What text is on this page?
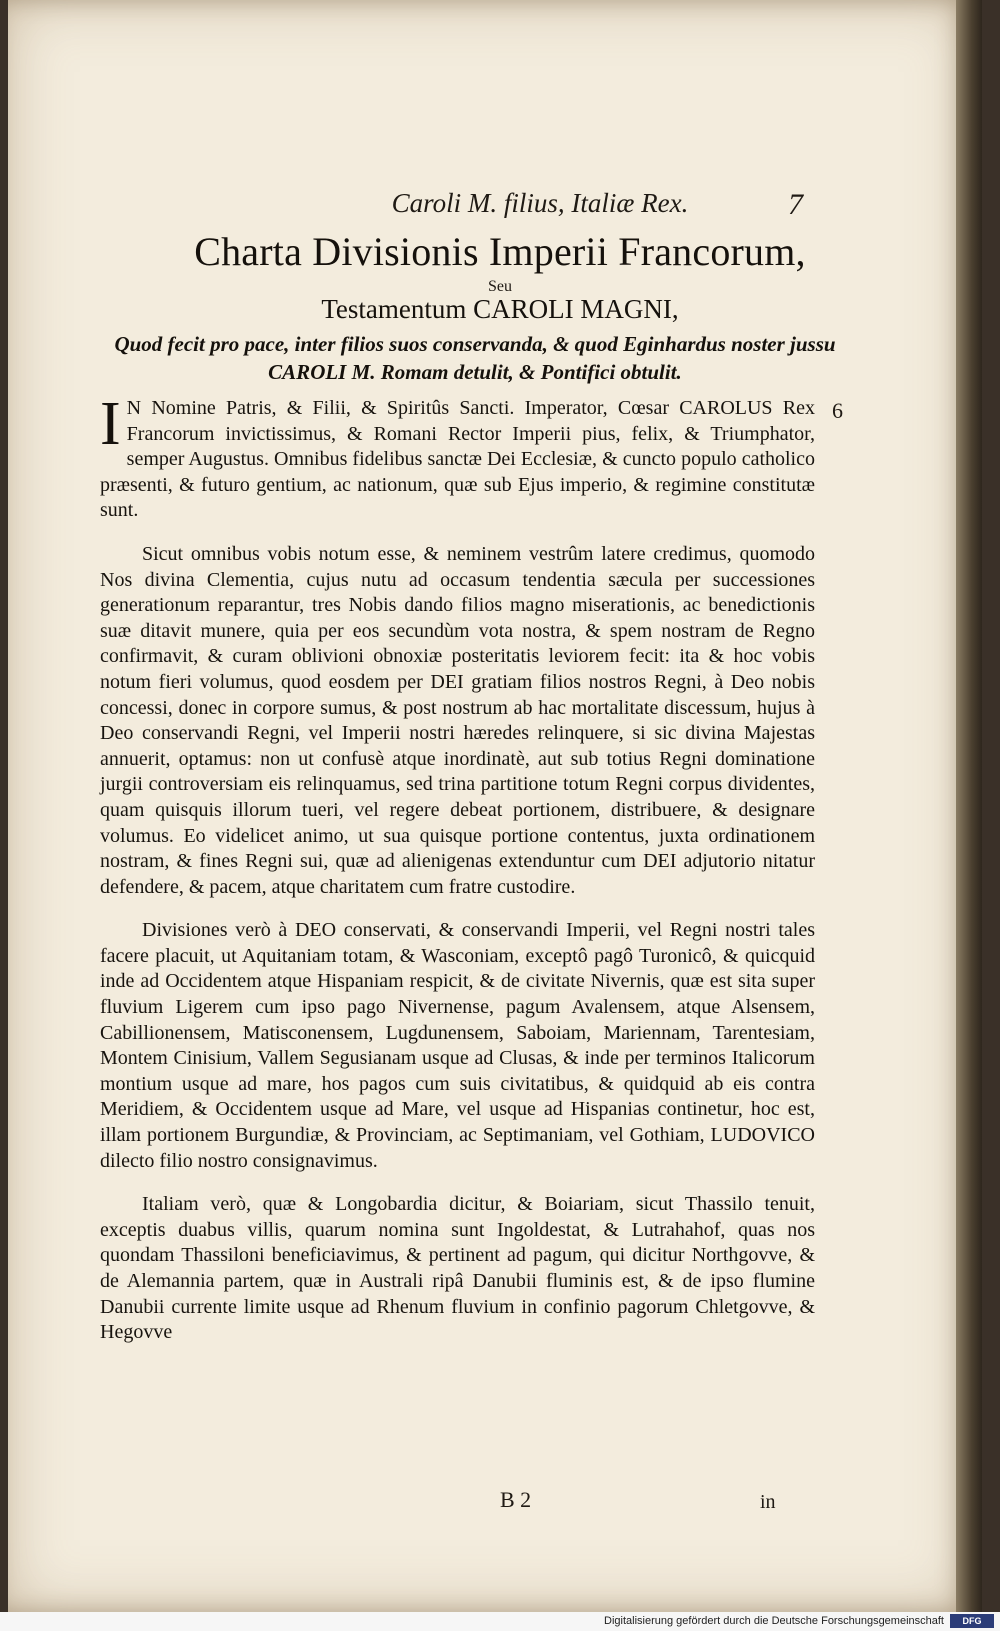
Caroli M. filius, Italiæ Rex.	7
Charta Divisionis Imperii Francorum,
Seu
Testamentum CAROLI MAGNI,
Quod fecit pro pace, inter filios suos conservanda, & quod Eginhardus noster jussu CAROLI M. Romam detulit, & Pontifici obtulit.
6

I N Nomine Patris, & Filii, & Spiritûs Sancti. Imperator, Cœsar CAROLUS Rex Francorum invictissimus, & Romani Rector Imperii pius, felix, & Triumphator, semper Augustus. Omnibus fidelibus sanctæ Dei Ecclesiæ, & cuncto populo catholico præsenti, & futuro gentium, ac nationum, quæ sub Ejus imperio, & regimine constitutæ sunt.

Sicut omnibus vobis notum esse, & neminem vestrûm latere credimus, quomodo Nos divina Clementia, cujus nutu ad occasum tendentia sæcula per successiones generationum reparantur, tres Nobis dando filios magno miserationis, ac benedictionis suæ ditavit munere, quia per eos secundùm vota nostra, & spem nostram de Regno confirmavit, & curam oblivioni obnoxiæ posteritatis leviorem fecit: ita & hoc vobis notum fieri volumus, quod eosdem per DEI gratiam filios nostros Regni, à Deo nobis concessi, donec in corpore sumus, & post nostrum ab hac mortalitate discessum, hujus à Deo conservandi Regni, vel Imperii nostri hæredes relinquere, si sic divina Majestas annuerit, optamus: non ut confusè atque inordinatè, aut sub totius Regni dominatione jurgii controversiam eis relinquamus, sed trina partitione totum Regni corpus dividentes, quam quisquis illorum tueri, vel regere debeat portionem, distribuere, & designare volumus. Eo videlicet animo, ut sua quisque portione contentus, juxta ordinationem nostram, & fines Regni sui, quæ ad alienigenas extenduntur cum DEI adjutorio nitatur defendere, & pacem, atque charitatem cum fratre custodire.

Divisiones verò à DEO conservati, & conservandi Imperii, vel Regni nostri tales facere placuit, ut Aquitaniam totam, & Wasconiam, exceptô pagô Turonicô, & quicquid inde ad Occidentem atque Hispaniam respicit, & de civitate Nivernis, quæ est sita super fluvium Ligerem cum ipso pago Nivernense, pagum Avalensem, atque Alsensem, Cabillionensem, Matisconensem, Lugdunensem, Saboiam, Mariennam, Tarentesiam, Montem Cinisium, Vallem Segusianam usque ad Clusas, & inde per terminos Italicorum montium usque ad mare, hos pagos cum suis civitatibus, & quidquid ab eis contra Meridiem, & Occidentem usque ad Mare, vel usque ad Hispanias continetur, hoc est, illam portionem Burgundiæ, & Provinciam, ac Septimaniam, vel Gothiam, LUDOVICO dilecto filio nostro consignavimus.

Italiam verò, quæ & Longobardia dicitur, & Boiariam, sicut Thassilo tenuit, exceptis duabus villis, quarum nomina sunt Ingoldestat, & Lutrahahof, quas nos quondam Thassiloni beneficiavimus, & pertinent ad pagum, qui dicitur Northgovve, & de Alemannia partem, quæ in Australi ripâ Danubii fluminis est, & de ipso flumine Danubii currente limite usque ad Rhenum fluvium in confinio pagorum Chletgovve, & Hegovve

B 2	in
Digitalisierung gefördert durch die Deutsche Forschungsgemeinschaft	DFG
